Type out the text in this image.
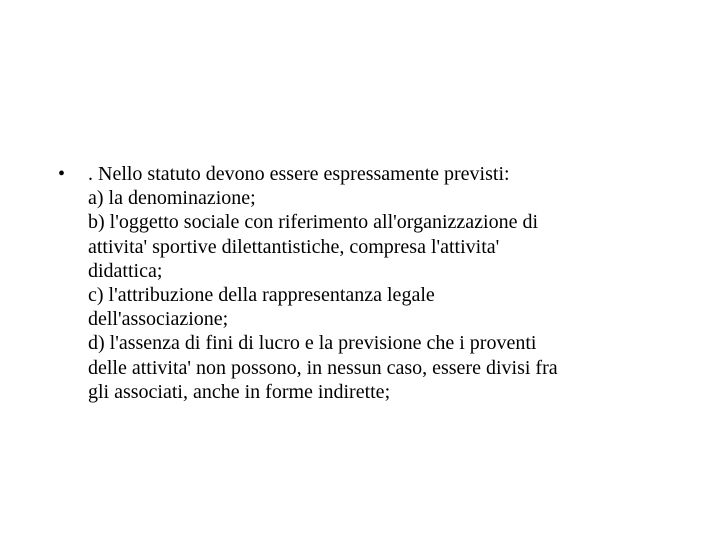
•	. Nello statuto devono essere espressamente previsti:
a) la denominazione;
b) l'oggetto sociale con riferimento all'organizzazione di
attivita' sportive dilettantistiche, compresa l'attivita'
didattica;
c) l'attribuzione della rappresentanza legale
dell'associazione;
d) l'assenza di fini di lucro e la previsione che i proventi
delle attivita' non possono, in nessun caso, essere divisi fra
gli associati, anche in forme indirette;
